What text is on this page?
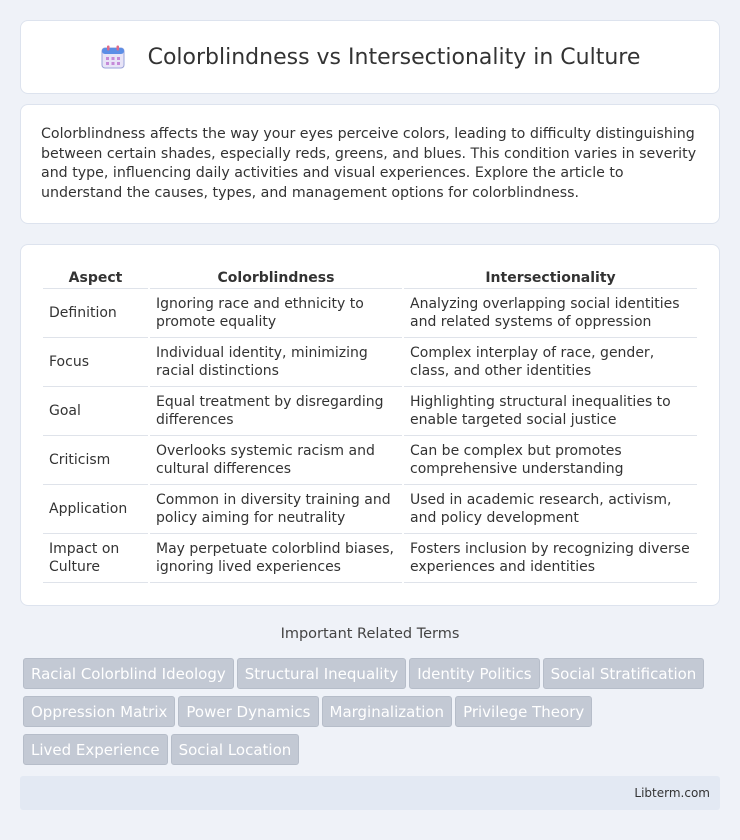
Colorblindness vs Intersectionality in Culture

Colorblindness affects the way your eyes perceive colors, leading to difficulty distinguishing between certain shades, especially reds, greens, and blues. This condition varies in severity and type, influencing daily activities and visual experiences. Explore the article to understand the causes, types, and management options for colorblindness.

Aspect	Colorblindness	Intersectionality
Definition	Ignoring race and ethnicity to promote equality	Analyzing overlapping social identities and related systems of oppression
Focus	Individual identity, minimizing racial distinctions	Complex interplay of race, gender, class, and other identities
Goal	Equal treatment by disregarding differences	Highlighting structural inequalities to enable targeted social justice
Criticism	Overlooks systemic racism and cultural differences	Can be complex but promotes comprehensive understanding
Application	Common in diversity training and policy aiming for neutrality	Used in academic research, activism, and policy development
Impact on Culture	May perpetuate colorblind biases, ignoring lived experiences	Fosters inclusion by recognizing diverse experiences and identities
Important Related Terms
Racial Colorblind Ideology Structural Inequality Identity Politics Social Stratification
Oppression Matrix Power Dynamics Marginalization Privilege Theory
Lived Experience Social Location
Libterm.com
